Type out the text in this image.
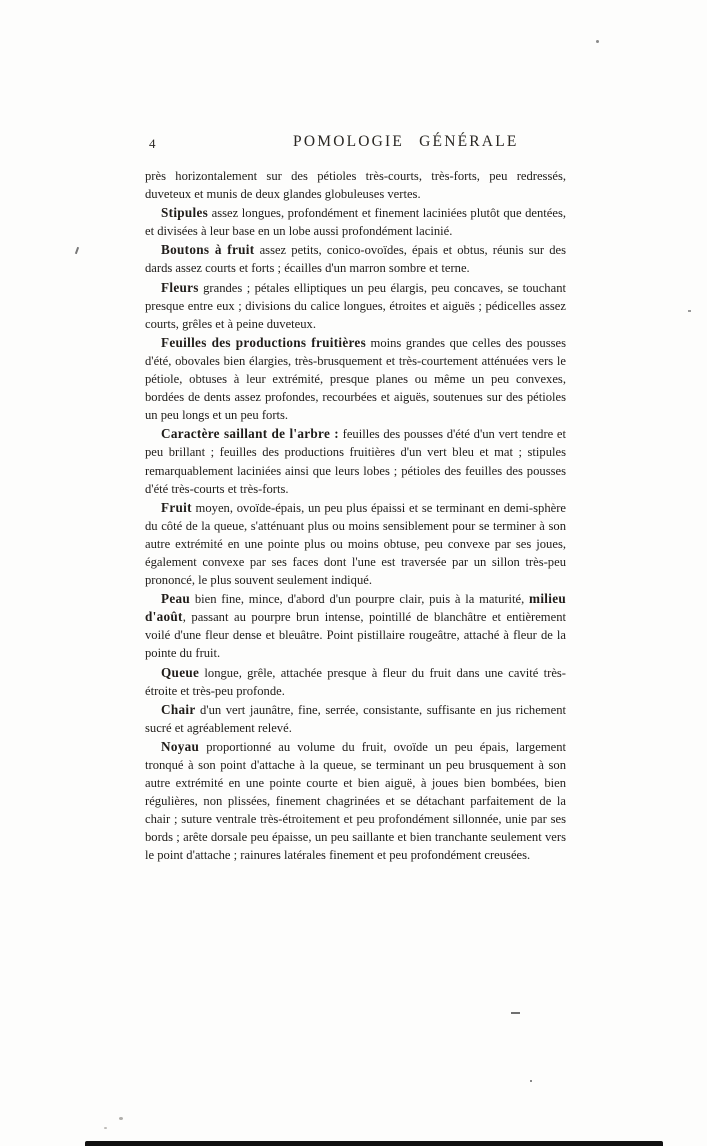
4	POMOLOGIE GÉNÉRALE

près horizontalement sur des pétioles très-courts, très-forts, peu redressés, duveteux et munis de deux glandes globuleuses vertes.

Stipules assez longues, profondément et finement laciniées plutôt que dentées, et divisées à leur base en un lobe aussi profondément lacinié.

Boutons à fruit assez petits, conico-ovoïdes, épais et obtus, réunis sur des dards assez courts et forts ; écailles d'un marron sombre et terne.

Fleurs grandes ; pétales elliptiques un peu élargis, peu concaves, se touchant presque entre eux ; divisions du calice longues, étroites et aiguës ; pédicelles assez courts, grêles et à peine duveteux.

Feuilles des productions fruitières moins grandes que celles des pousses d'été, obovales bien élargies, très-brusquement et très-courtement atténuées vers le pétiole, obtuses à leur extrémité, presque planes ou même un peu convexes, bordées de dents assez profondes, recourbées et aiguës, soutenues sur des pétioles un peu longs et un peu forts.

Caractère saillant de l'arbre : feuilles des pousses d'été d'un vert tendre et peu brillant ; feuilles des productions fruitières d'un vert bleu et mat ; stipules remarquablement laciniées ainsi que leurs lobes ; pétioles des feuilles des pousses d'été très-courts et très-forts.

Fruit moyen, ovoïde-épais, un peu plus épaissi et se terminant en demi-sphère du côté de la queue, s'atténuant plus ou moins sensiblement pour se terminer à son autre extrémité en une pointe plus ou moins obtuse, peu convexe par ses joues, également convexe par ses faces dont l'une est traversée par un sillon très-peu prononcé, le plus souvent seulement indiqué.

Peau bien fine, mince, d'abord d'un pourpre clair, puis à la maturité, milieu d'août, passant au pourpre brun intense, pointillé de blanchâtre et entièrement voilé d'une fleur dense et bleuâtre. Point pistillaire rougeâtre, attaché à fleur de la pointe du fruit.

Queue longue, grêle, attachée presque à fleur du fruit dans une cavité très-étroite et très-peu profonde.

Chair d'un vert jaunâtre, fine, serrée, consistante, suffisante en jus richement sucré et agréablement relevé.

Noyau proportionné au volume du fruit, ovoïde un peu épais, largement tronqué à son point d'attache à la queue, se terminant un peu brusquement à son autre extrémité en une pointe courte et bien aiguë, à joues bien bombées, bien régulières, non plissées, finement chagrinées et se détachant parfaitement de la chair ; suture ventrale très-étroitement et peu profondément sillonnée, unie par ses bords ; arête dorsale peu épaisse, un peu saillante et bien tranchante seulement vers le point d'attache ; rainures latérales finement et peu profondément creusées.
